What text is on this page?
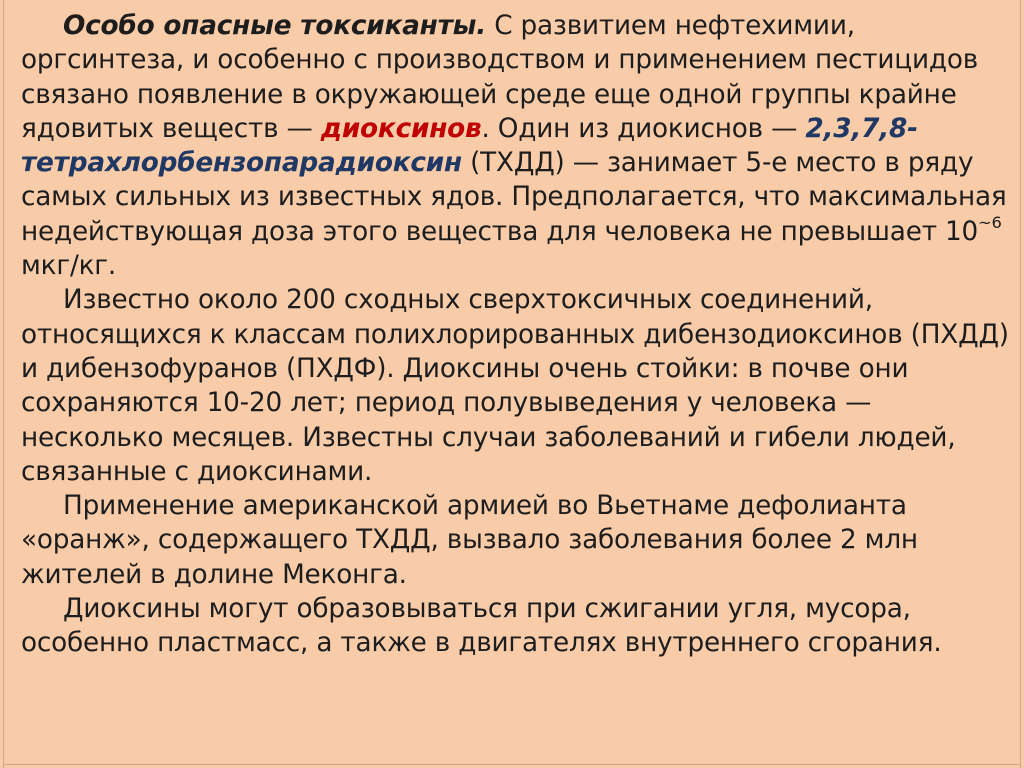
Особо опасные токсиканты. С развитием нефтехимии, оргсинтеза, и особенно с производством и применением пестицидов связано появление в окружающей среде еще одной группы крайне ядовитых веществ — диоксинов. Один из диокиснов — 2,3,7,8-тетрахлорбензопарадиоксин (ТХДД) — занимает 5-е место в ряду самых сильных из известных ядов. Предполагается, что максимальная недействующая доза этого вещества для человека не превышает $10^{\sim 6}$ мкг/кг.

Известно около 200 сходных сверхтоксичных соединений, относящихся к классам полихлорированных дибензодиоксинов (ПХДД) и дибензофуранов (ПХДФ). Диоксины очень стойки: в почве они сохраняются 10-20 лет; период полувыведения у человека — несколько месяцев. Известны случаи заболеваний и гибели людей, связанные с диоксинами.

Применение американской армией во Вьетнаме дефолианта «оранж», содержащего ТХДД, вызвало заболевания более 2 млн жителей в долине Меконга.

Диоксины могут образовываться при сжигании угля, мусора, особенно пластмасс, а также в двигателях внутреннего сгорания.
